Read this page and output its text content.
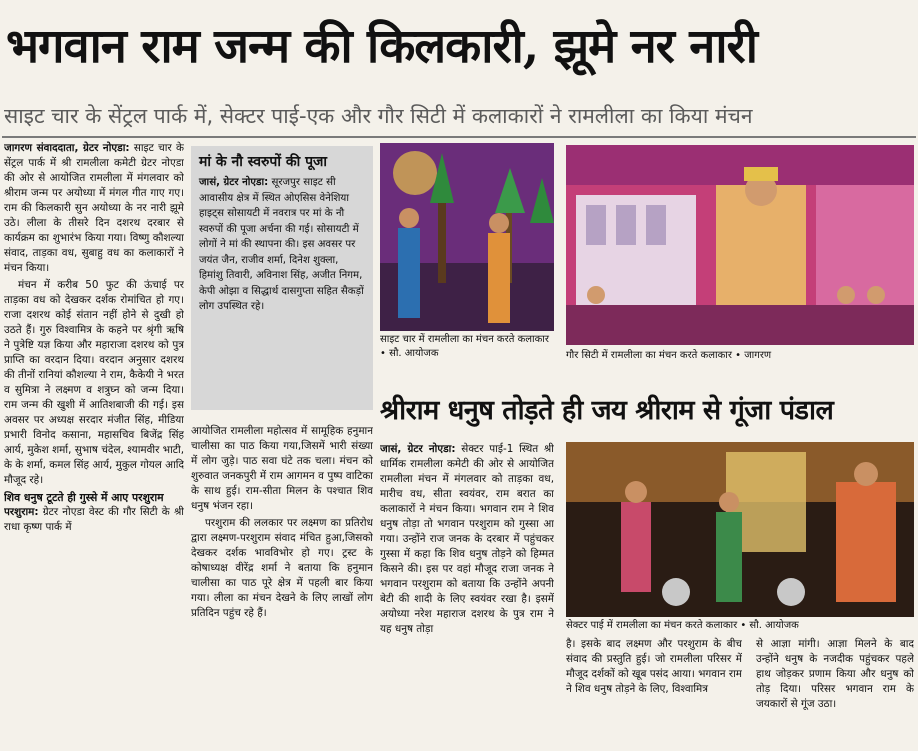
भगवान राम जन्म की किलकारी, झूमे नर नारी
साइट चार के सेंट्रल पार्क में, सेक्टर पाई-एक और गौर सिटी में कलाकारों ने रामलीला का किया मंचन

जागरण संवाददाता, ग्रेटर नोएडा: साइट चार के सेंट्रल पार्क में श्री रामलीला कमेटी ग्रेटर नोएडा की ओर से आयोजित रामलीला में मंगलवार को श्रीराम जन्म पर अयोध्या में मंगल गीत गाए गए। राम की किलकारी सुन अयोध्या के नर नारी झूमे उठे। लीला के तीसरे दिन दशरथ दरबार से कार्यक्रम का शुभारंभ किया गया। विष्णु कौशल्या संवाद, ताड़का वध, सुबाहु वध का कलाकारों ने मंचन किया।

मंचन में करीब 50 फुट की ऊंचाई पर ताड़का वध को देखकर दर्शक रोमांचित हो गए। राजा दशरथ कोई संतान नहीं होने से दुखी हो उठते हैं। गुरु विश्वामित्र के कहने पर श्रृंगी ऋषि ने पुत्रेष्टि यज्ञ किया और महाराजा दशरथ को पुत्र प्राप्ति का वरदान दिया। वरदान अनुसार दशरथ की तीनों रानियां कौशल्या ने राम, कैकेयी ने भरत व सुमित्रा ने लक्ष्मण व शत्रुघ्न को जन्म दिया। राम जन्म की खुशी में आतिशबाजी की गई। इस अवसर पर अध्यक्ष सरदार मंजीत सिंह, मीडिया प्रभारी विनोद कसाना, महासचिव बिजेंद्र सिंह आर्य, मुकेश शर्मा, सुभाष चंदेल, श्यामवीर भाटी, के के शर्मा, कमल सिंह आर्य, मुकुल गोयल आदि मौजूद रहे।

शिव धनुष टूटते ही गुस्से में आए परशुराम

परशुराम: ग्रेटर नोएडा वेस्ट की गौर सिटी के श्री राधा कृष्ण पार्क में

मां के नौ स्वरुपों की पूजा
जासं, ग्रेटर नोएडा: सूरजपुर साइट सी आवासीय क्षेत्र में स्थित ओएसिस वेनेशिया हाइट्स सोसायटी में नवरात्र पर मां के नौ स्वरुपों की पूजा अर्चना की गई। सोसायटी में लोगों ने मां की स्थापना की। इस अवसर पर जयंत जैन, राजीव शर्मा, दिनेश शुक्ला, हिमांशु तिवारी, अविनाश सिंह, अजीत निगम, केपी ओझा व सिद्धार्थ दासगुप्ता सहित सैकड़ों लोग उपस्थित रहे।

आयोजित रामलीला महोत्सव में सामूहिक हनुमान चालीसा का पाठ किया गया,जिसमें भारी संख्या में लोग जुड़े। पाठ सवा घंटे तक चला। मंचन को शुरुवात जनकपुरी में राम आगमन व पुष्प वाटिका के साथ हुई। राम-सीता मिलन के पश्चात शिव धनुष भंजन रहा।

परशुराम की ललकार पर लक्ष्मण का प्रतिरोध द्वारा लक्ष्मण-परशुराम संवाद मंचित हुआ,जिसको देखकर दर्शक भावविभोर हो गए। ट्रस्ट के कोषाध्यक्ष वीरेंद्र शर्मा ने बताया कि हनुमान चालीसा का पाठ पूरे क्षेत्र में पहली बार किया गया। लीला का मंचन देखने के लिए लाखों लोग प्रतिदिन पहुंच रहे हैं।

साइट चार में रामलीला का मंचन करते कलाकार • सौ. आयोजक	गौर सिटी में रामलीला का मंचन करते कलाकार • जागरण
श्रीराम धनुष तोड़ते ही जय श्रीराम से गूंजा पंडाल

जासं, ग्रेटर नोएडा: सेक्टर पाई-1 स्थित श्री धार्मिक रामलीला कमेटी की ओर से आयोजित रामलीला मंचन में मंगलवार को ताड़का वध, मारीच वध, सीता स्वयंवर, राम बरात का कलाकारों ने मंचन किया। भगवान राम ने शिव धनुष तोड़ा तो भगवान परशुराम को गुस्सा आ गया। उन्होंने राज जनक के दरबार में पहुंचकर गुस्सा में कहा कि शिव धनुष तोड़ने को हिम्मत किसने की। इस पर वहां मौजूद राजा जनक ने भगवान परशुराम को बताया कि उन्होंने अपनी बेटी की शादी के लिए स्वयंवर रखा है। इसमें अयोध्या नरेश महाराज दशरथ के पुत्र राम ने यह धनुष तोड़ा	सेक्टर पाई में रामलीला का मंचन करते कलाकार • सौ. आयोजक

है। इसके बाद लक्ष्मण और परशुराम के बीच संवाद की प्रस्तुति हुई। जो रामलीला परिसर में मौजूद दर्शकों को खूब पसंद आया। भगवान राम ने शिव धनुष तोड़ने के लिए, विश्वामित्र

से आज्ञा मांगी। आज्ञा मिलने के बाद उन्होंने धनुष के नजदीक पहुंचकर पहले हाथ जोड़कर प्रणाम किया और धनुष को तोड़ दिया। परिसर भगवान राम के जयकारों से गूंज उठा।
